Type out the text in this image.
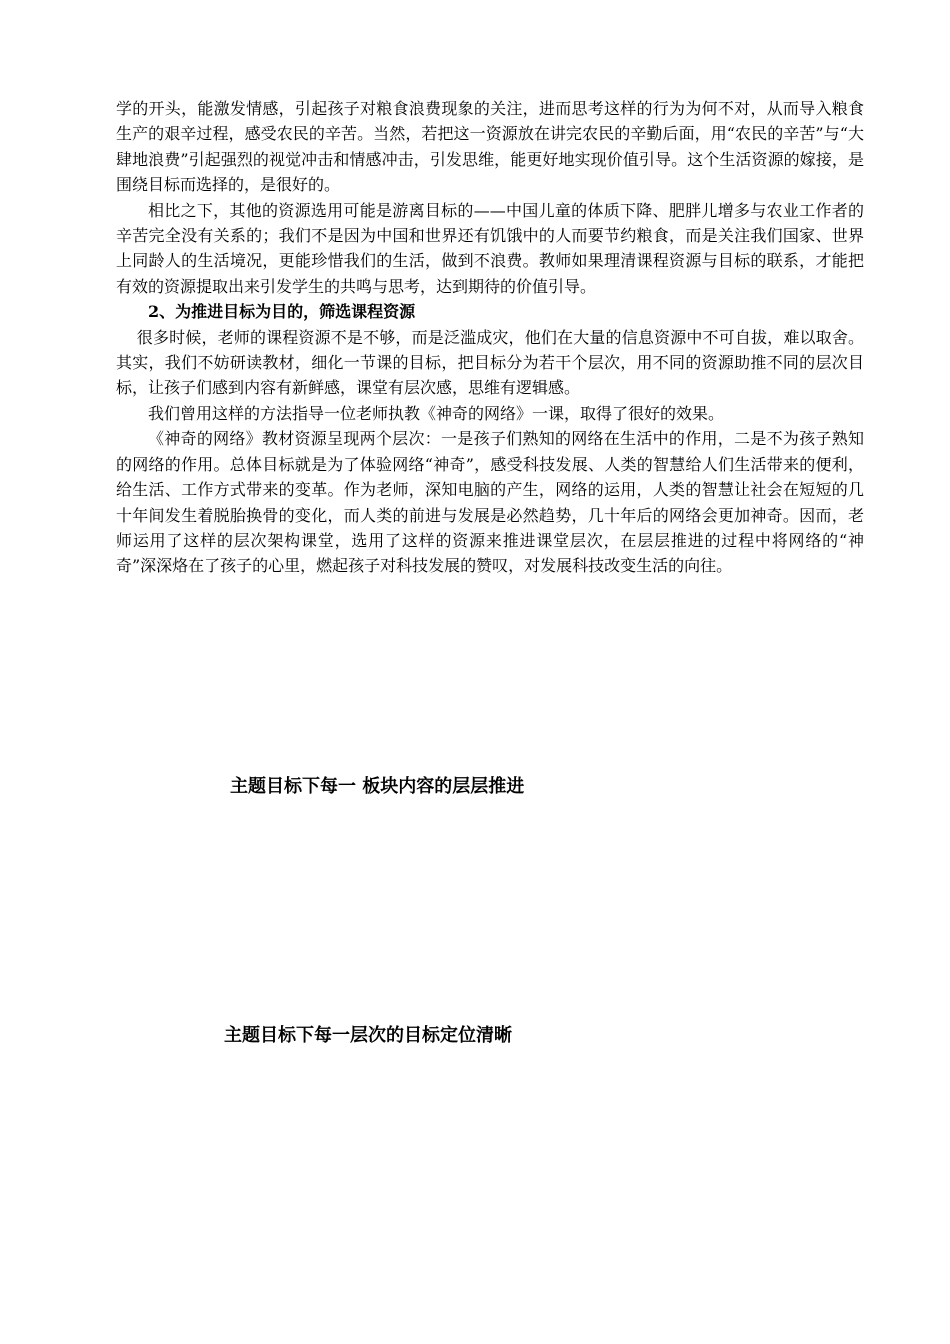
学的开头，能激发情感，引起孩子对粮食浪费现象的关注，进而思考这样的行为为何不对，从而导入粮食生产的艰辛过程，感受农民的辛苦。当然，若把这一资源放在讲完农民的辛勤后面，用“农民的辛苦”与“大肆地浪费”引起强烈的视觉冲击和情感冲击，引发思维，能更好地实现价值引导。这个生活资源的嫁接，是围绕目标而选择的，是很好的。

相比之下，其他的资源选用可能是游离目标的——中国儿童的体质下降、肥胖儿增多与农业工作者的辛苦完全没有关系的；我们不是因为中国和世界还有饥饿中的人而要节约粮食，而是关注我们国家、世界上同龄人的生活境况，更能珍惜我们的生活，做到不浪费。教师如果理清课程资源与目标的联系，才能把有效的资源提取出来引发学生的共鸣与思考，达到期待的价值引导。

2、为推进目标为目的，筛选课程资源

很多时候，老师的课程资源不是不够，而是泛滥成灾，他们在大量的信息资源中不可自拔，难以取舍。其实，我们不妨研读教材，细化一节课的目标，把目标分为若干个层次，用不同的资源助推不同的层次目标，让孩子们感到内容有新鲜感，课堂有层次感，思维有逻辑感。

我们曾用这样的方法指导一位老师执教《神奇的网络》一课，取得了很好的效果。

《神奇的网络》教材资源呈现两个层次：一是孩子们熟知的网络在生活中的作用，二是不为孩子熟知的网络的作用。总体目标就是为了体验网络“神奇”，感受科技发展、人类的智慧给人们生活带来的便利，给生活、工作方式带来的变革。作为老师，深知电脑的产生，网络的运用，人类的智慧让社会在短短的几十年间发生着脱胎换骨的变化，而人类的前进与发展是必然趋势，几十年后的网络会更加神奇。因而，老师运用了这样的层次架构课堂，选用了这样的资源来推进课堂层次，在层层推进的过程中将网络的“神奇”深深烙在了孩子的心里，燃起孩子对科技发展的赞叹，对发展科技改变生活的向往。

主题目标下每一 板块内容的层层推进
主题目标下每一层次的目标定位清晰
